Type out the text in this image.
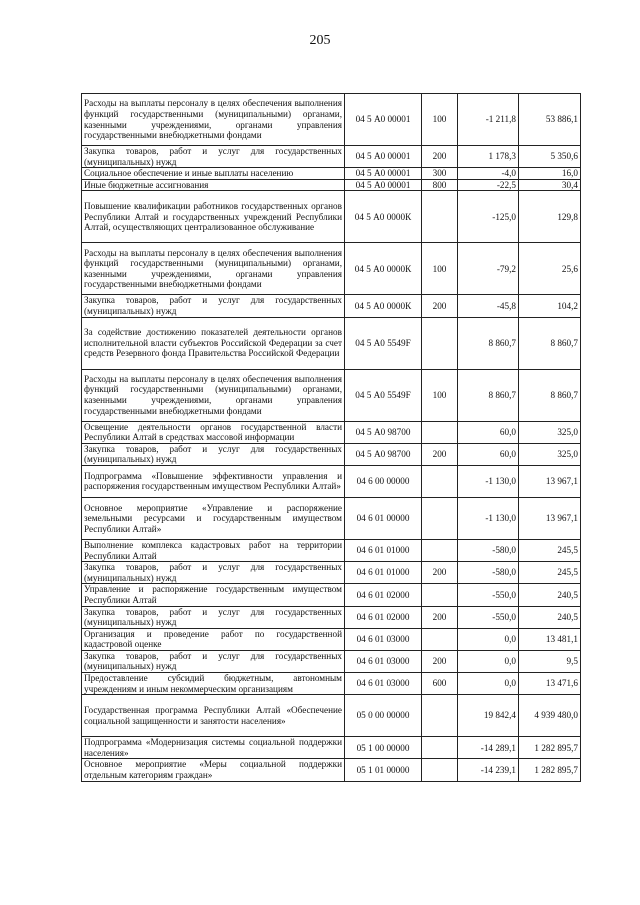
205
Расходы на выплаты персоналу в целях обеспечения выполнения функций государственными (муниципальными) органами, казенными учреждениями, органами управления государственными внебюджетными фондами	04 5 А0 00001	100	-1 211,8	53 886,1
Закупка товаров, работ и услуг для государственных (муниципальных) нужд	04 5 А0 00001	200	1 178,3	5 350,6
Социальное обеспечение и иные выплаты населению	04 5 А0 00001	300	-4,0	16,0
Иные бюджетные ассигнования	04 5 А0 00001	800	-22,5	30,4
Повышение квалификации работников государственных органов Республики Алтай и государственных учреждений Республики Алтай, осуществляющих централизованное обслуживание	04 5 А0 0000К		-125,0	129,8
Расходы на выплаты персоналу в целях обеспечения выполнения функций государственными (муниципальными) органами, казенными учреждениями, органами управления государственными внебюджетными фондами	04 5 А0 0000К	100	-79,2	25,6
Закупка товаров, работ и услуг для государственных (муниципальных) нужд	04 5 А0 0000К	200	-45,8	104,2
За содействие достижению показателей деятельности органов исполнительной власти субъектов Российской Федерации за счет средств Резервного фонда Правительства Российской Федерации	04 5 А0 5549F		8 860,7	8 860,7
Расходы на выплаты персоналу в целях обеспечения выполнения функций государственными (муниципальными) органами, казенными учреждениями, органами управления государственными внебюджетными фондами	04 5 А0 5549F	100	8 860,7	8 860,7
Освещение деятельности органов государственной власти Республики Алтай в средствах массовой информации	04 5 А0 98700		60,0	325,0
Закупка товаров, работ и услуг для государственных (муниципальных) нужд	04 5 А0 98700	200	60,0	325,0
Подпрограмма «Повышение эффективности управления и распоряжения государственным имуществом Республики Алтай»	04 6 00 00000		-1 130,0	13 967,1
Основное мероприятие «Управление и распоряжение земельными ресурсами и государственным имуществом Республики Алтай»	04 6 01 00000		-1 130,0	13 967,1
Выполнение комплекса кадастровых работ на территории Республики Алтай	04 6 01 01000		-580,0	245,5
Закупка товаров, работ и услуг для государственных (муниципальных) нужд	04 6 01 01000	200	-580,0	245,5
Управление и распоряжение государственным имуществом Республики Алтай	04 6 01 02000		-550,0	240,5
Закупка товаров, работ и услуг для государственных (муниципальных) нужд	04 6 01 02000	200	-550,0	240,5
Организация и проведение работ по государственной кадастровой оценке	04 6 01 03000		0,0	13 481,1
Закупка товаров, работ и услуг для государственных (муниципальных) нужд	04 6 01 03000	200	0,0	9,5
Предоставление субсидий бюджетным, автономным учреждениям и иным некоммерческим организациям	04 6 01 03000	600	0,0	13 471,6
Государственная программа Республики Алтай «Обеспечение социальной защищенности и занятости населения»	05 0 00 00000		19 842,4	4 939 480,0
Подпрограмма «Модернизация системы социальной поддержки населения»	05 1 00 00000		-14 289,1	1 282 895,7
Основное мероприятие «Меры социальной поддержки отдельным категориям граждан»	05 1 01 00000		-14 239,1	1 282 895,7
